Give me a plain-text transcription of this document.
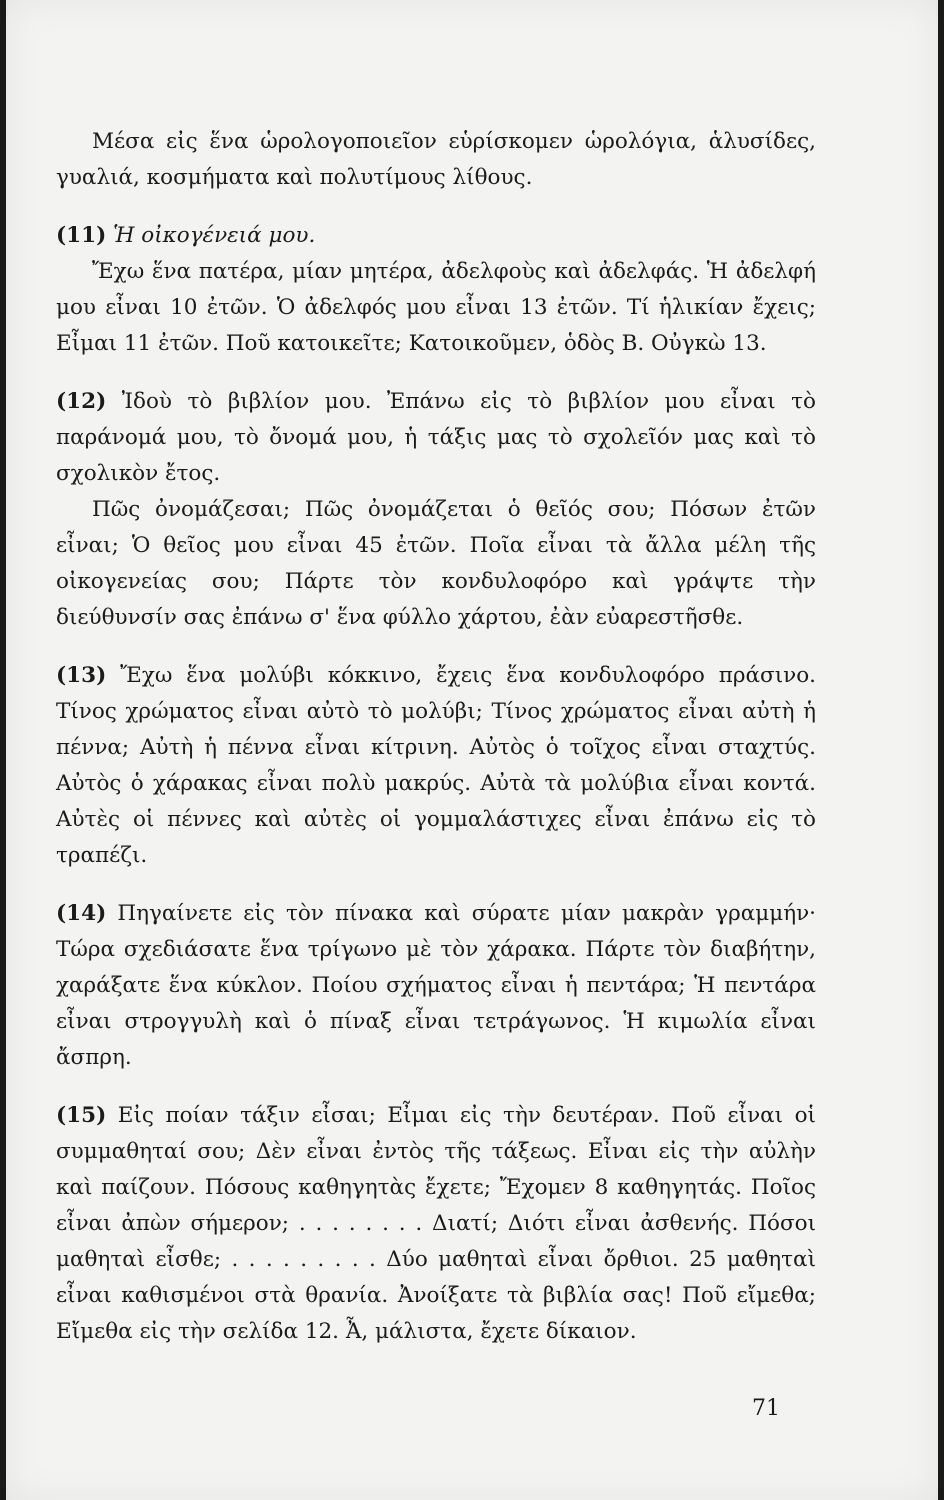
Μέσα εἰς ἕνα ὡρολογοποιεῖον εὑρίσκομεν ὡρολόγια, ἁλυσίδες, γυαλιά, κοσμήματα καὶ πολυτίμους λίθους.

(11) Ἡ οἰκογένειά μου.

Ἔχω ἕνα πατέρα, μίαν μητέρα, ἀδελφοὺς καὶ ἀδελφάς. Ἡ ἀδελφή μου εἶναι 10 ἐτῶν. Ὁ ἀδελφός μου εἶναι 13 ἐτῶν. Τί ἡλικίαν ἔχεις; Εἶμαι 11 ἐτῶν. Ποῦ κατοικεῖτε; Κατοικοῦμεν, ὁδὸς Β. Οὐγκὼ 13.

(12) Ἰδοὺ τὸ βιβλίον μου. Ἐπάνω εἰς τὸ βιβλίον μου εἶναι τὸ παράνομά μου, τὸ ὄνομά μου, ἡ τάξις μας τὸ σχολεῖόν μας καὶ τὸ σχολικὸν ἔτος.

Πῶς ὀνομάζεσαι; Πῶς ὀνομάζεται ὁ θεῖός σου; Πόσων ἐτῶν εἶναι; Ὁ θεῖος μου εἶναι 45 ἐτῶν. Ποῖα εἶναι τὰ ἄλλα μέλη τῆς οἰκογενείας σου; Πάρτε τὸν κονδυλοφόρο καὶ γράψτε τὴν διεύθυνσίν σας ἐπάνω σ' ἕνα φύλλο χάρτου, ἐὰν εὐαρεστῆσθε.

(13) Ἔχω ἕνα μολύβι κόκκινο, ἔχεις ἕνα κονδυλοφόρο πράσινο. Τίνος χρώματος εἶναι αὐτὸ τὸ μολύβι; Τίνος χρώματος εἶναι αὐτὴ ἡ πέννα; Αὐτὴ ἡ πέννα εἶναι κίτρινη. Αὐτὸς ὁ τοῖχος εἶναι σταχτύς. Αὐτὸς ὁ χάρακας εἶναι πολὺ μακρύς. Αὐτὰ τὰ μολύβια εἶναι κοντά. Αὐτὲς οἱ πέννες καὶ αὐτὲς οἱ γομμαλάστιχες εἶναι ἐπάνω εἰς τὸ τραπέζι.

(14) Πηγαίνετε εἰς τὸν πίνακα καὶ σύρατε μίαν μακρὰν γραμμήν· Τώρα σχεδιάσατε ἕνα τρίγωνο μὲ τὸν χάρακα. Πάρτε τὸν διαβήτην, χαράξατε ἕνα κύκλον. Ποίου σχήματος εἶναι ἡ πεντάρα; Ἡ πεντάρα εἶναι στρογγυλὴ καὶ ὁ πίναξ εἶναι τετράγωνος. Ἡ κιμωλία εἶναι ἄσπρη.

(15) Εἰς ποίαν τάξιν εἶσαι; Εἶμαι εἰς τὴν δευτέραν. Ποῦ εἶναι οἱ συμμαθηταί σου; Δὲν εἶναι ἐντὸς τῆς τάξεως. Εἶναι εἰς τὴν αὐλὴν καὶ παίζουν. Πόσους καθηγητὰς ἔχετε; Ἔχομεν 8 καθηγητάς. Ποῖος εἶναι ἀπὼν σήμερον; . . . . . . . . Διατί; Διότι εἶναι ἀσθενής. Πόσοι μαθηταὶ εἶσθε; . . . . . . . . . Δύο μαθηταὶ εἶναι ὄρθιοι. 25 μαθηταὶ εἶναι καθισμένοι στὰ θρανία. Ἀνοίξατε τὰ βιβλία σας! Ποῦ εἴμεθα; Εἴμεθα εἰς τὴν σελίδα 12. Ἆ, μάλιστα, ἔχετε δίκαιον.

71
